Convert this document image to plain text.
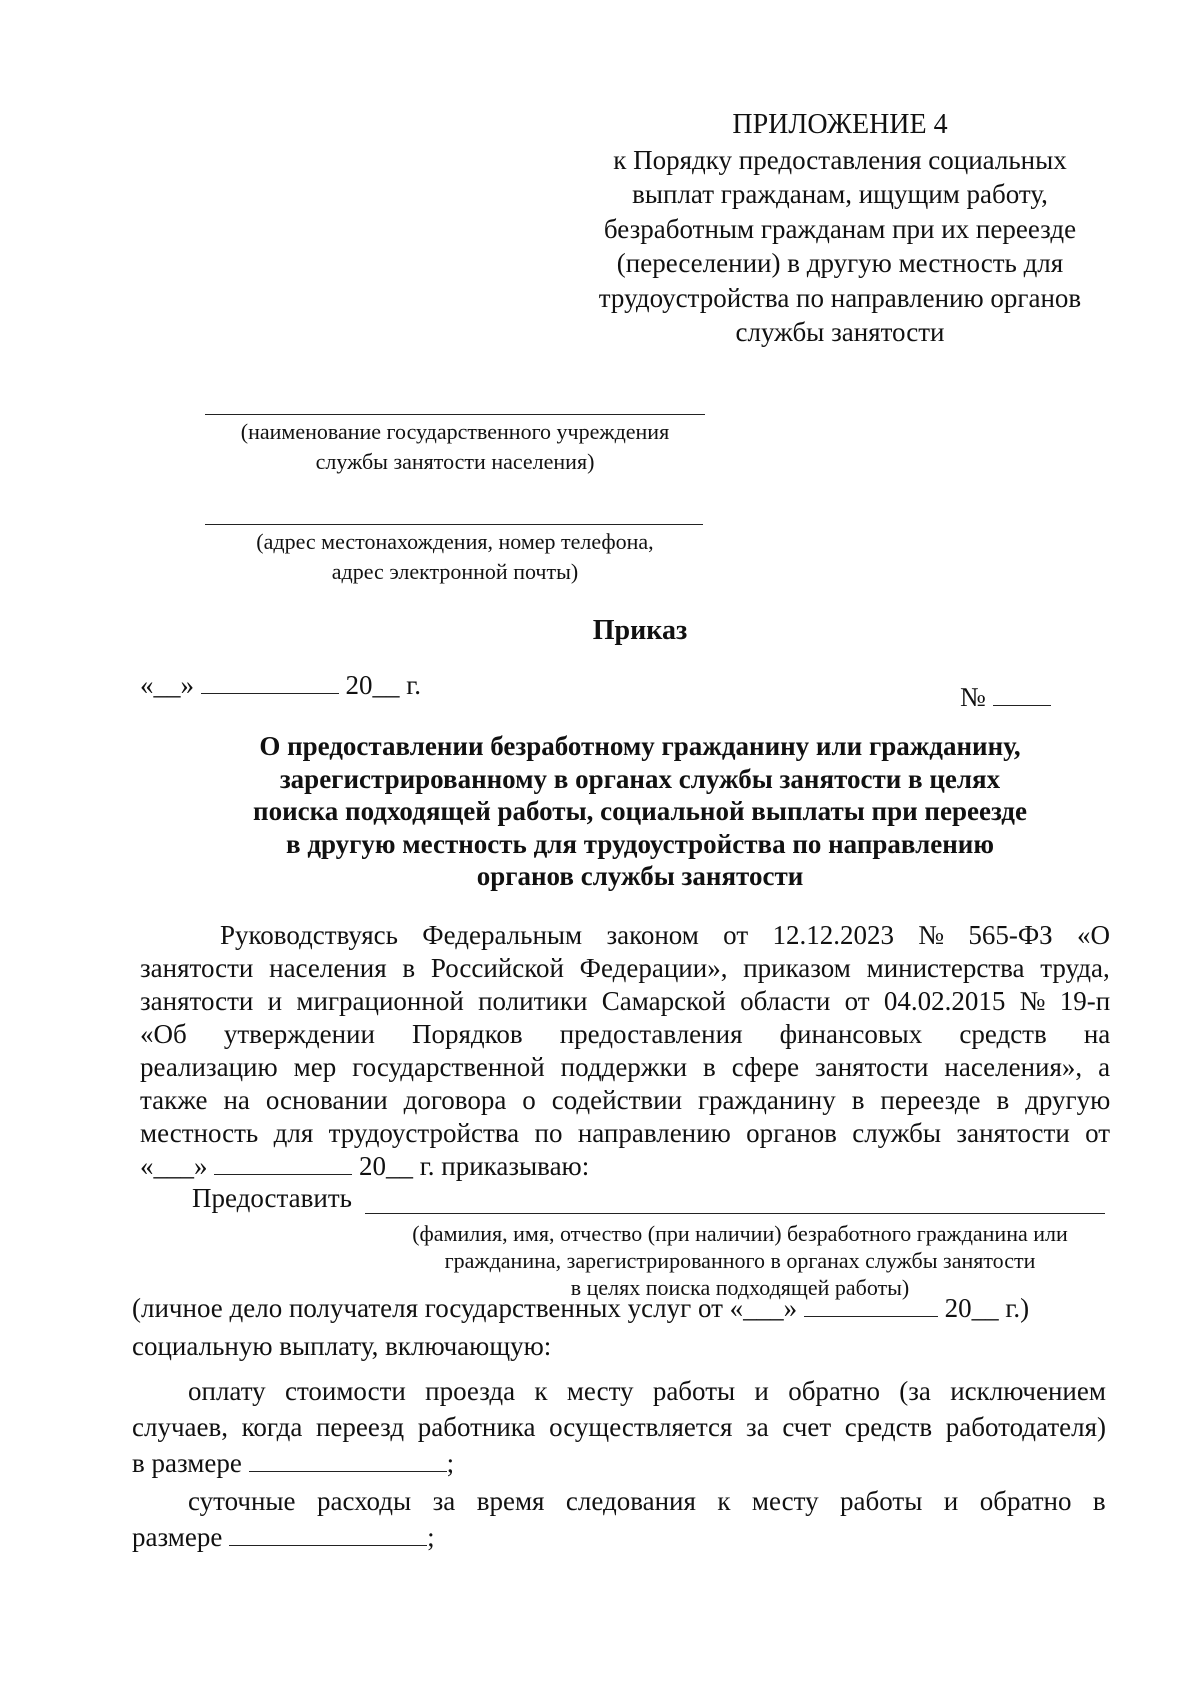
ПРИЛОЖЕНИЕ 4
к Порядку предоставления социальных
выплат гражданам, ищущим работу,
безработным гражданам при их переезде
(переселении) в другую местность для
трудоустройства по направлению органов
службы занятости
(наименование государственного учреждения
службы занятости населения)
(адрес местонахождения, номер телефона,
адрес электронной почты)
Приказ
«__»	20__ г.	№
О предоставлении безработному гражданину или гражданину,
зарегистрированному в органах службы занятости в целях
поиска подходящей работы, социальной выплаты при переезде
в другую местность для трудоустройства по направлению
органов службы занятости
Руководствуясь Федеральным законом от 12.12.2023 № 565-ФЗ «О
занятости населения в Российской Федерации», приказом министерства труда,
занятости и миграционной политики Самарской области от 04.02.2015 № 19-п
«Об утверждении Порядков предоставления финансовых средств на
реализацию мер государственной поддержки в сфере занятости населения», а
также на основании договора о содействии гражданину в переезде в другую
местность для трудоустройства по направлению органов службы занятости от
«___»	20__ г. приказываю:
Предоставить
(фамилия, имя, отчество (при наличии) безработного гражданина или
гражданина, зарегистрированного в органах службы занятости
в целях поиска подходящей работы)
(личное дело получателя государственных услуг от «___»	20__ г.)
социальную выплату, включающую:
оплату стоимости проезда к месту работы и обратно (за исключением
случаев, когда переезд работника осуществляется за счет средств работодателя)
в размере	;
суточные расходы за время следования к месту работы и обратно в
размере	;
